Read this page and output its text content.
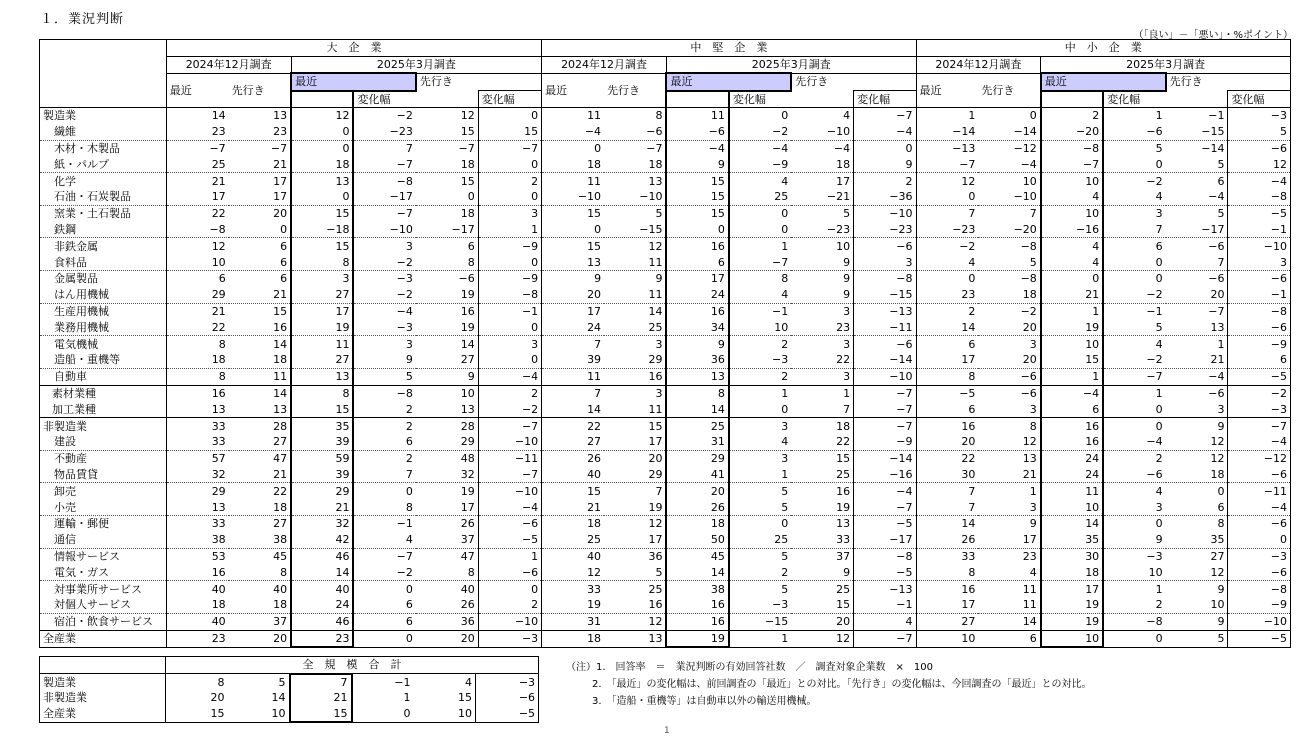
１．業況判断
（「良い」－「悪い」・%ポイント）
	大　企　業						中　堅　企　業						中　小　企　業					
	2024年12月調査		2025年3月調査				2024年12月調査		2025年3月調査				2024年12月調査		2025年3月調査			
	最近	先行き	最近		先行き		最近	先行き	最近		先行き		最近	先行き	最近		先行き	
				変化幅		変化幅				変化幅		変化幅				変化幅		変化幅
製造業	14	13	12	−2	12	0	11	8	11	0	4	−7	1	0	2	1	−1	−3
繊維	23	23	0	−23	15	15	−4	−6	−6	−2	−10	−4	−14	−14	−20	−6	−15	5
木材・木製品	−7	−7	0	7	−7	−7	0	−7	−4	−4	−4	0	−13	−12	−8	5	−14	−6
紙・パルプ	25	21	18	−7	18	0	18	18	9	−9	18	9	−7	−4	−7	0	5	12
化学	21	17	13	−8	15	2	11	13	15	4	17	2	12	10	10	−2	6	−4
石油・石炭製品	17	17	0	−17	0	0	−10	−10	15	25	−21	−36	0	−10	4	4	−4	−8
窯業・土石製品	22	20	15	−7	18	3	15	5	15	0	5	−10	7	7	10	3	5	−5
鉄鋼	−8	0	−18	−10	−17	1	0	−15	0	0	−23	−23	−23	−20	−16	7	−17	−1
非鉄金属	12	6	15	3	6	−9	15	12	16	1	10	−6	−2	−8	4	6	−6	−10
食料品	10	6	8	−2	8	0	13	11	6	−7	9	3	4	5	4	0	7	3
金属製品	6	6	3	−3	−6	−9	9	9	17	8	9	−8	0	−8	0	0	−6	−6
はん用機械	29	21	27	−2	19	−8	20	11	24	4	9	−15	23	18	21	−2	20	−1
生産用機械	21	15	17	−4	16	−1	17	14	16	−1	3	−13	2	−2	1	−1	−7	−8
業務用機械	22	16	19	−3	19	0	24	25	34	10	23	−11	14	20	19	5	13	−6
電気機械	8	14	11	3	14	3	7	3	9	2	3	−6	6	3	10	4	1	−9
造船・重機等	18	18	27	9	27	0	39	29	36	−3	22	−14	17	20	15	−2	21	6
自動車	8	11	13	5	9	−4	11	16	13	2	3	−10	8	−6	1	−7	−4	−5
素材業種	16	14	8	−8	10	2	7	3	8	1	1	−7	−5	−6	−4	1	−6	−2
加工業種	13	13	15	2	13	−2	14	11	14	0	7	−7	6	3	6	0	3	−3
非製造業	33	28	35	2	28	−7	22	15	25	3	18	−7	16	8	16	0	9	−7
建設	33	27	39	6	29	−10	27	17	31	4	22	−9	20	12	16	−4	12	−4
不動産	57	47	59	2	48	−11	26	20	29	3	15	−14	22	13	24	2	12	−12
物品賃貸	32	21	39	7	32	−7	40	29	41	1	25	−16	30	21	24	−6	18	−6
卸売	29	22	29	0	19	−10	15	7	20	5	16	−4	7	1	11	4	0	−11
小売	13	18	21	8	17	−4	21	19	26	5	19	−7	7	3	10	3	6	−4
運輸・郵便	33	27	32	−1	26	−6	18	12	18	0	13	−5	14	9	14	0	8	−6
通信	38	38	42	4	37	−5	25	17	50	25	33	−17	26	17	35	9	35	0
情報サービス	53	45	46	−7	47	1	40	36	45	5	37	−8	33	23	30	−3	27	−3
電気・ガス	16	8	14	−2	8	−6	12	5	14	2	9	−5	8	4	18	10	12	−6
対事業所サービス	40	40	40	0	40	0	33	25	38	5	25	−13	16	11	17	1	9	−8
対個人サービス	18	18	24	6	26	2	19	16	16	−3	15	−1	17	11	19	2	10	−9
宿泊・飲食サービス	40	37	46	6	36	−10	31	12	16	−15	20	4	27	14	19	−8	9	−10
全産業	23	20	23	0	20	−3	18	13	19	1	12	−7	10	6	10	0	5	−5
	全　規　模　合　計					
製造業	8	5	7	−1	4	−3
非製造業	20	14	21	1	15	−6
全産業	15	10	15	0	10	−5
（注）1.　回答率　＝　業況判断の有効回答社数　／　調査対象企業数　×　100
2.　「最近」の変化幅は、前回調査の「最近」との対比。「先行き」の変化幅は、今回調査の「最近」との対比。
3.　「造船・重機等」は自動車以外の輸送用機械。
1
